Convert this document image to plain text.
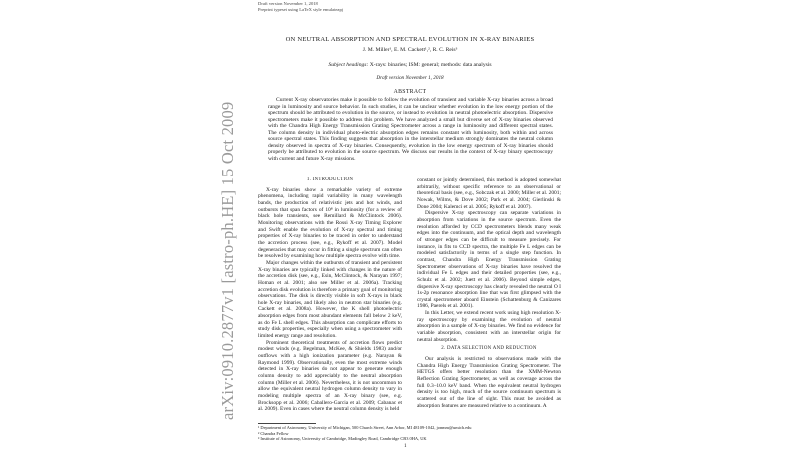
Draft version November 1, 2018
Preprint typeset using LaTeX style emulateapj
arXiv:0910.2877v1 [astro-ph.HE] 15 Oct 2009
ON NEUTRAL ABSORPTION AND SPECTRAL EVOLUTION IN X-RAY BINARIES
J. M. Miller¹, E. M. Cackett¹,², R. C. Reis³
Subject headings: X-rays: binaries; ISM: general; methods: data analysis
Draft version November 1, 2018
ABSTRACT

Current X-ray observatories make it possible to follow the evolution of transient and variable X-ray binaries across a broad range in luminosity and source behavior. In such studies, it can be unclear whether evolution in the low energy portion of the spectrum should be attributed to evolution in the source, or instead to evolution in neutral photoelectric absorption. Dispersive spectrometers make it possible to address this problem. We have analyzed a small but diverse set of X-ray binaries observed with the Chandra High Energy Transmission Grating Spectrometer across a range in luminosity and different spectral states. The column density in individual photo-electric absorption edges remains constant with luminosity, both within and across source spectral states. This finding suggests that absorption in the interstellar medium strongly dominates the neutral column density observed in spectra of X-ray binaries. Consequently, evolution in the low energy spectrum of X-ray binaries should properly be attributed to evolution in the source spectrum. We discuss our results in the context of X-ray binary spectroscopy with current and future X-ray missions.

1. INTRODUCTION

X-ray binaries show a remarkable variety of extreme phenomena, including rapid variability in many wavelength bands, the production of relativistic jets and hot winds, and outbursts that span factors of 10⁸ in luminosity (for a review of black hole transients, see Remillard & McClintock 2006). Monitoring observations with the Rossi X-ray Timing Explorer and Swift enable the evolution of X-ray spectral and timing properties of X-ray binaries to be traced in order to understand the accretion process (see, e.g., Rykoff et al. 2007). Model degeneracies that may occur in fitting a single spectrum can often be resolved by examining how multiple spectra evolve with time.

Major changes within the outbursts of transient and persistent X-ray binaries are typically linked with changes in the nature of the accretion disk (see, e.g., Esin, McClintock, & Narayan 1997; Homan et al. 2001; also see Miller et al. 2006a). Tracking accretion disk evolution is therefore a primary goal of monitoring observations. The disk is directly visible in soft X-rays in black hole X-ray binaries, and likely also in neutron star binaries (e.g. Cackett et al. 2008a). However, the K shell photoelectric absorption edges from most abundant elements fall below 2 keV, as do Fe L shell edges. This absorption can complicate efforts to study disk properties, especially when using a spectrometer with limited energy range and resolution.

Prominent theoretical treatments of accretion flows predict modest winds (e.g. Begelman, McKee, & Shields 1983) and/or outflows with a high ionization parameter (e.g. Narayan & Raymond 1999). Observationally, even the most extreme winds detected in X-ray binaries do not appear to generate enough column density to add appreciably to the neutral absorption column (Miller et al. 2006). Nevertheless, it is not uncommon to allow the equivalent neutral hydrogen column density to vary in modeling multiple spectra of an X-ray binary (see, e.g. Brocksopp et al. 2006; Caballero-Garcia et al. 2009; Cabanac et al. 2009). Even in cases where the neutral column density is held

constant or jointly determined, this method is adopted somewhat arbitrarily, without specific reference to an observational or theoretical basis (see, e.g., Sobczak et al. 2000; Miller et al. 2001; Nowak, Wilms, & Dove 2002; Park et al. 2004; Gierlinski & Done 2004; Kalemci et al. 2005; Rykoff et al. 2007).

Dispersive X-ray spectroscopy can separate variations in absorption from variations in the source spectrum. Even the resolution afforded by CCD spectrometers blends many weak edges into the continuum, and the optical depth and wavelength of stronger edges can be difficult to measure precisely. For instance, in fits to CCD spectra, the multiple Fe L edges can be modeled satisfactorily in terms of a single step function. In contrast, Chandra High Energy Transmission Grating Spectrometer observations of X-ray binaries have resolved the individual Fe L edges and their detailed properties (see, e.g., Schulz et al. 2002; Juett et al. 2006). Beyond simple edges, dispersive X-ray spectroscopy has clearly revealed the neutral O I 1s-2p resonance absorption line that was first glimpsed with the crystal spectrometer aboard Einstein (Schattenburg & Canizares 1986, Paerels et al. 2001).

In this Letter, we extend recent work using high resolution X-ray spectroscopy by examining the evolution of neutral absorption in a sample of X-ray binaries. We find no evidence for variable absorption, consistent with an interstellar origin for neutral absorption.

2. DATA SELECTION AND REDUCTION

Our analysis is restricted to observations made with the Chandra High Energy Transmission Grating Spectrometer. The HETGS offers better resolution than the XMM-Newton Reflection Grating Spectrometer, as well as coverage across the full 0.3–10.0 keV band. When the equivalent neutral hydrogen density is too high, much of the source continuum spectrum is scattered out of the line of sight. This must be avoided as absorption features are measured relative to a continuum. A

¹ Department of Astronomy, University of Michigan, 500 Church Street, Ann Arbor, MI 48109-1042, jonmm@umich.edu

² Chandra Fellow

³ Institute of Astronomy, University of Cambridge, Madingley Road, Cambridge CB3 0HA, UK

1
